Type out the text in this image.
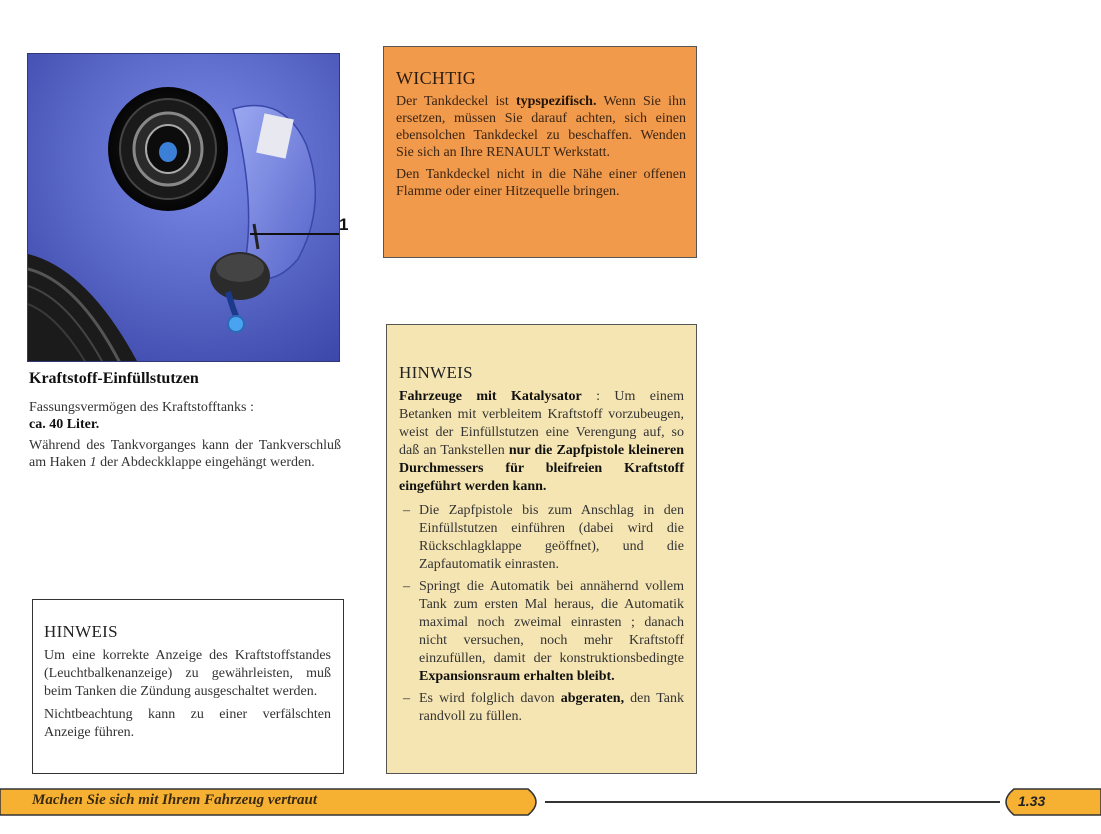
1
Kraftstoff-Einfüllstutzen

Fassungsvermögen des Kraftstofftanks :

ca. 40 Liter.

Während des Tankvorganges kann der Tankverschluß am Haken 1 der Abdeckklappe eingehängt werden.
HINWEIS

Um eine korrekte Anzeige des Kraftstoffstandes (Leuchtbalkenanzeige) zu gewährleisten, muß beim Tanken die Zündung ausgeschaltet werden.

Nichtbeachtung kann zu einer verfälschten Anzeige führen.

WICHTIG

Der Tankdeckel ist typspezifisch. Wenn Sie ihn ersetzen, müssen Sie darauf achten, sich einen ebensolchen Tankdeckel zu beschaffen. Wenden Sie sich an Ihre RENAULT Werkstatt.

Den Tankdeckel nicht in die Nähe einer offenen Flamme oder einer Hitzequelle bringen.

HINWEIS

Fahrzeuge mit Katalysator : Um einem Betanken mit verbleitem Kraftstoff vorzubeugen, weist der Einfüllstutzen eine Verengung auf, so daß an Tankstellen nur die Zapfpistole kleineren Durchmessers für bleifreien Kraftstoff eingeführt werden kann.

– Die Zapfpistole bis zum Anschlag in den Einfüllstutzen einführen (dabei wird die Rückschlagklappe geöffnet), und die Zapfautomatik einrasten.
– Springt die Automatik bei annähernd vollem Tank zum ersten Mal heraus, die Automatik maximal noch zweimal einrasten ; danach nicht versuchen, noch mehr Kraftstoff einzufüllen, damit der konstruktionsbedingte Expansionsraum erhalten bleibt.
– Es wird folglich davon abgeraten, den Tank randvoll zu füllen.
Machen Sie sich mit Ihrem Fahrzeug vertraut	1.33
